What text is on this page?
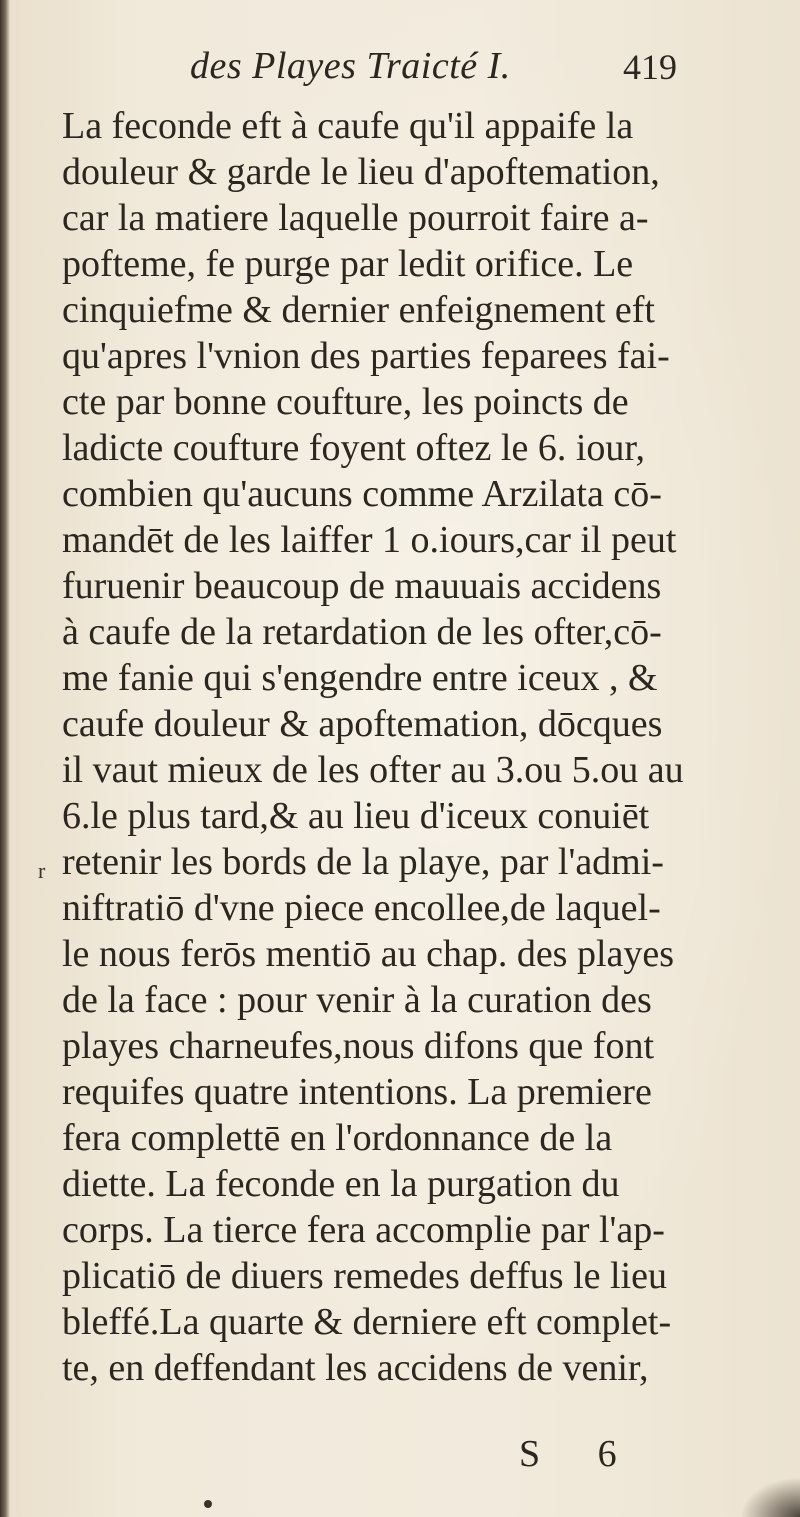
des Playes Traicté I.	419
La feconde eft à caufe qu'il appaife la
douleur & garde le lieu d'apoftemation,
car la matiere laquelle pourroit faire a-
pofteme, fe purge par ledit orifice. Le
cinquiefme & dernier enfeignement eft
qu'apres l'vnion des parties feparees fai-
cte par bonne coufture, les poincts de
ladicte coufture foyent oftez le 6. iour,
combien qu'aucuns comme Arzilata cō-
mandēt de les laiffer 1 o.iours,car il peut
furuenir beaucoup de mauuais accidens
à caufe de la retardation de les ofter,cō-
me fanie qui s'engendre entre iceux , &
caufe douleur & apoftemation, dōcques
il vaut mieux de les ofter au 3.ou 5.ou au
6.le plus tard,& au lieu d'iceux conuiēt
retenir les bords de la playe, par l'admi-
niftratiō d'vne piece encollee,de laquel-
le nous ferōs mentiō au chap. des playes
de la face : pour venir à la curation des
playes charneufes,nous difons que font
requifes quatre intentions. La premiere
fera complettē en l'ordonnance de la
diette. La feconde en la purgation du
corps. La tierce fera accomplie par l'ap-
plicatiō de diuers remedes deffus le lieu
bleffé.La quarte & derniere eft complet-
te, en deffendant les accidens de venir,
r
S 6
